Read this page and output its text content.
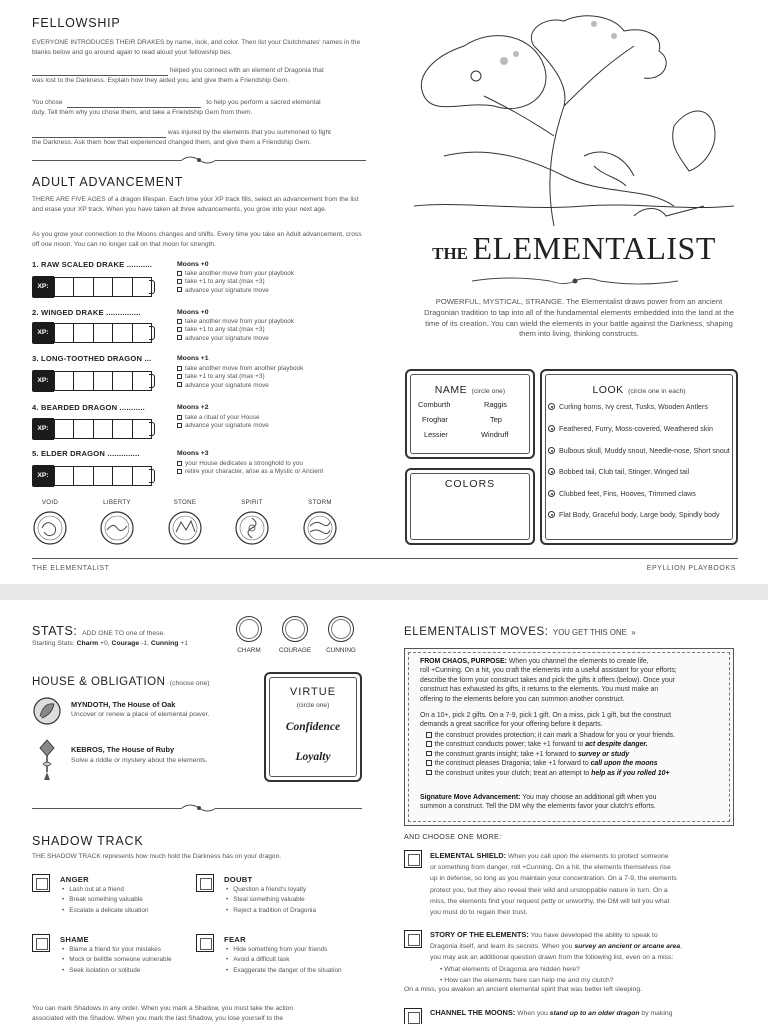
FELLOWSHIP
EVERYONE INTRODUCES THEIR DRAKES by name, look, and color. Then list your Clutchmates' names in the blanks below and go around again to read aloud your fellowship ties.
helped you connect with an element of Dragonia that
was lost to the Darkness. Explain how they aided you, and give them a Friendship Gem.
You chose	to help you perform a sacred elemental
duty. Tell them why you chose them, and take a Friendship Gem from them.
was injured by the elements that you summoned to fight
the Darkness. Ask them how that experienced changed them, and give them a Friendship Gem.
ADULT ADVANCEMENT
THERE ARE FIVE AGES of a dragon lifespan. Each time your XP track fills, select an advancement from the list and erase your XP track. When you have taken all three advancements, you grow into your next age.
As you grow your connection to the Moons changes and shifts. Every time you take an Adult advancement, cross off one moon. You can no longer call on that moon for strength.
1. RAW SCALED DRAKE ...........	Moons +0
XP:
take another move from your playbook
take +1 to any stat (max +3)
advance your signature move
2. WINGED DRAKE ...............	Moons +0
XP:
take another move from your playbook
take +1 to any stat (max +3)
advance your signature move
3. LONG-TOOTHED DRAGON ...	Moons +1
XP:
take another move from another playbook
take +1 to any stat (max +3)
advance your signature move
4. BEARDED DRAGON ...........	Moons +2
XP:
take a ritual of your House
advance your signature move
5. ELDER DRAGON ..............	Moons +3
XP:
your House dedicates a stronghold to you
retire your character, arise as a Mystic or Ancient
VOID	LIBERTY	STONE	SPIRIT	STORM
THE ELEMENTALIST
POWERFUL, MYSTICAL, STRANGE. The Elementalist draws power from an ancient Dragonian tradition to tap into all of the fundamental elements embedded into the land at the time of its creation. You can wield the elements in your battle against the Darkness, shaping them into living, thinking constructs.
NAME (circle one)
Comburth	Raggis
Froghar	Tep
Lessier	Windruff
COLORS
LOOK (circle one in each)
Curling horns, Ivy crest, Tusks, Wooden Antlers
Feathered, Furry, Moss-covered, Weathered skin
Bulbous skull, Muddy snout, Needle-nose, Short snout
Bobbed tail, Club tail, Stinger, Winged tail
Clubbed feet, Fins, Hooves, Trimmed claws
Flat Body, Graceful body, Large body, Spindly body
THE ELEMENTALIST	EPYLLION PLAYBOOKS
STATS: ADD ONE TO one of these.
Starting Stats: Charm +0, Courage -1, Cunning +1
CHARM	COURAGE	CUNNING
HOUSE & OBLIGATION (choose one)
MYNDOTH, The House of Oak
Uncover or renew a place of elemental power.
KEBROS, The House of Ruby
Solve a riddle or mystery about the elements.
VIRTUE
(circle one)
Confidence
Loyalty
SHADOW TRACK
THE SHADOW TRACK represents how much hold the Darkness has on your dragon.
ANGER
• Lash out at a friend
• Break something valuable
• Escalate a delicate situation
DOUBT
• Question a friend's loyalty
• Steal something valuable
• Reject a tradition of Dragonia
SHAME
• Blame a friend for your mistakes
• Mock or belittle someone vulnerable
• Seek isolation or solitude
FEAR
• Hide something from your friends
• Avoid a difficult task
• Exaggerate the danger of the situation
You can mark Shadows in any order. When you mark a Shadow, you must take the action
associated with the Shadow. When you mark the last Shadow, you lose yourself to the
ELEMENTALIST MOVES: YOU GET THIS ONE »
FROM CHAOS, PURPOSE: When you channel the elements to create life,
roll +Cunning. On a hit, you craft the elements into a useful assistant for your efforts;
describe the form your construct takes and pick the gifts it offers (below). Once your
construct has exhausted its gifts, it returns to the elements. You must make an
offering to the elements before you can summon another construct.
On a 10+, pick 2 gifts. On a 7-9, pick 1 gift. On a miss, pick 1 gift, but the construct
demands a great sacrifice for your offering before it departs.
the construct provides protection; it can mark a Shadow for you or your friends.
the construct conducts power; take +1 forward to act despite danger.
the construct grants insight; take +1 forward to survey or study
the construct pleases Dragonia; take +1 forward to call upon the moons
the construct unites your clutch; treat an attempt to help as if you rolled 10+
Signature Move Advancement: You may choose an additional gift when you
summon a construct. Tell the DM why the elements favor your clutch's efforts.
AND CHOOSE ONE MORE:
ELEMENTAL SHIELD: When you call upon the elements to protect someone
or something from danger, roll +Cunning. On a hit, the elements themselves rise
up in defense, so long as you maintain your concentration. On a 7-9, the elements
protect you, but they also reveal their wild and unstoppable nature in turn. On a
miss, the elements find your request petty or unworthy, the DM will tell you what
you must do to regain their trust.
STORY OF THE ELEMENTS: You have developed the ability to speak to
Dragonia itself, and learn its secrets. When you survey an ancient or arcane area,
you may ask an additional question drawn from the following list, even on a miss:
• What elements of Dragonia are hidden here?
• How can the elements here can help me and my clutch?
On a miss, you awaken an ancient elemental spirit that was better left sleeping.
CHANNEL THE MOONS: When you stand up to an older dragon by making
